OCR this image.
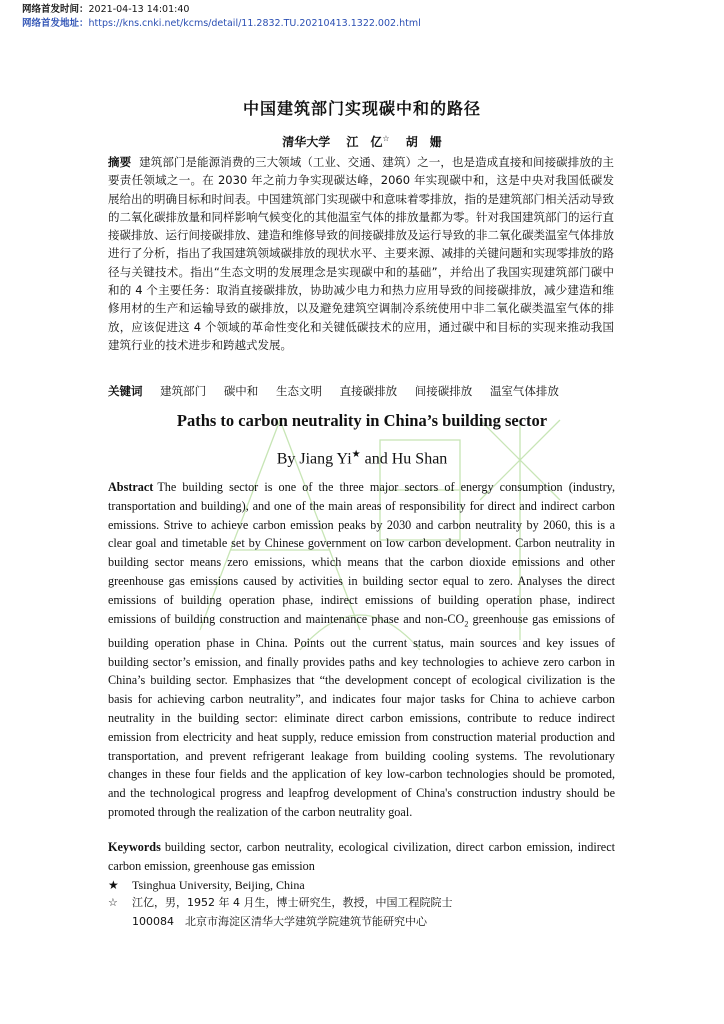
网络首发时间：2021-04-13 14:01:40
网络首发地址：https://kns.cnki.net/kcms/detail/11.2832.TU.20210413.1322.002.html
中国建筑部门实现碳中和的路径
清华大学 江　亿☆ 胡　姗
摘要 建筑部门是能源消费的三大领域（工业、交通、建筑）之一，也是造成直接和间接碳排放的主要责任领域之一。在 2030 年之前力争实现碳达峰，2060 年实现碳中和，这是中央对我国低碳发展给出的明确目标和时间表。中国建筑部门实现碳中和意味着零排放，指的是建筑部门相关活动导致的二氧化碳排放量和同样影响气候变化的其他温室气体的排放量都为零。针对我国建筑部门的运行直接碳排放、运行间接碳排放、建造和维修导致的间接碳排放及运行导致的非二氧化碳类温室气体排放进行了分析，指出了我国建筑领域碳排放的现状水平、主要来源、减排的关键问题和实现零排放的路径与关键技术。指出“生态文明的发展理念是实现碳中和的基础”，并给出了我国实现建筑部门碳中和的 4 个主要任务：取消直接碳排放，协助减少电力和热力应用导致的间接碳排放，减少建造和维修用材的生产和运输导致的碳排放，以及避免建筑空调制冷系统使用中非二氧化碳类温室气体的排放，应该促进这 4 个领域的革命性变化和关键低碳技术的应用，通过碳中和目标的实现来推动我国建筑行业的技术进步和跨越式发展。
关键词 建筑部门 碳中和 生态文明 直接碳排放 间接碳排放 温室气体排放
Paths to carbon neutrality in China’s building sector
By Jiang Yi★ and Hu Shan
Abstract The building sector is one of the three major sectors of energy consumption (industry, transportation and building), and one of the main areas of responsibility for direct and indirect carbon emissions. Strive to achieve carbon emission peaks by 2030 and carbon neutrality by 2060, this is a clear goal and timetable set by Chinese government on low carbon development. Carbon neutrality in building sector means zero emissions, which means that the carbon dioxide emissions and other greenhouse gas emissions caused by activities in building sector equal to zero. Analyses the direct emissions of building operation phase, indirect emissions of building operation phase, indirect emissions of building construction and maintenance phase and non-$CO_2$ greenhouse gas emissions of building operation phase in China. Points out the current status, main sources and key issues of building sector’s emission, and finally provides paths and key technologies to achieve zero carbon in China’s building sector. Emphasizes that “the development concept of ecological civilization is the basis for achieving carbon neutrality”, and indicates four major tasks for China to achieve carbon neutrality in the building sector: eliminate direct carbon emissions, contribute to reduce indirect emission from electricity and heat supply, reduce emission from construction material production and transportation, and prevent refrigerant leakage from building cooling systems. The revolutionary changes in these four fields and the application of key low-carbon technologies should be promoted, and the technological progress and leapfrog development of China's construction industry should be promoted through the realization of the carbon neutrality goal.
Keywords building sector, carbon neutrality, ecological civilization, direct carbon emission, indirect carbon emission, greenhouse gas emission
★ Tsinghua University, Beijing, China
☆ 江亿，男，1952 年 4 月生，博士研究生，教授，中国工程院院士
100084　北京市海淀区清华大学建筑学院建筑节能研究中心
